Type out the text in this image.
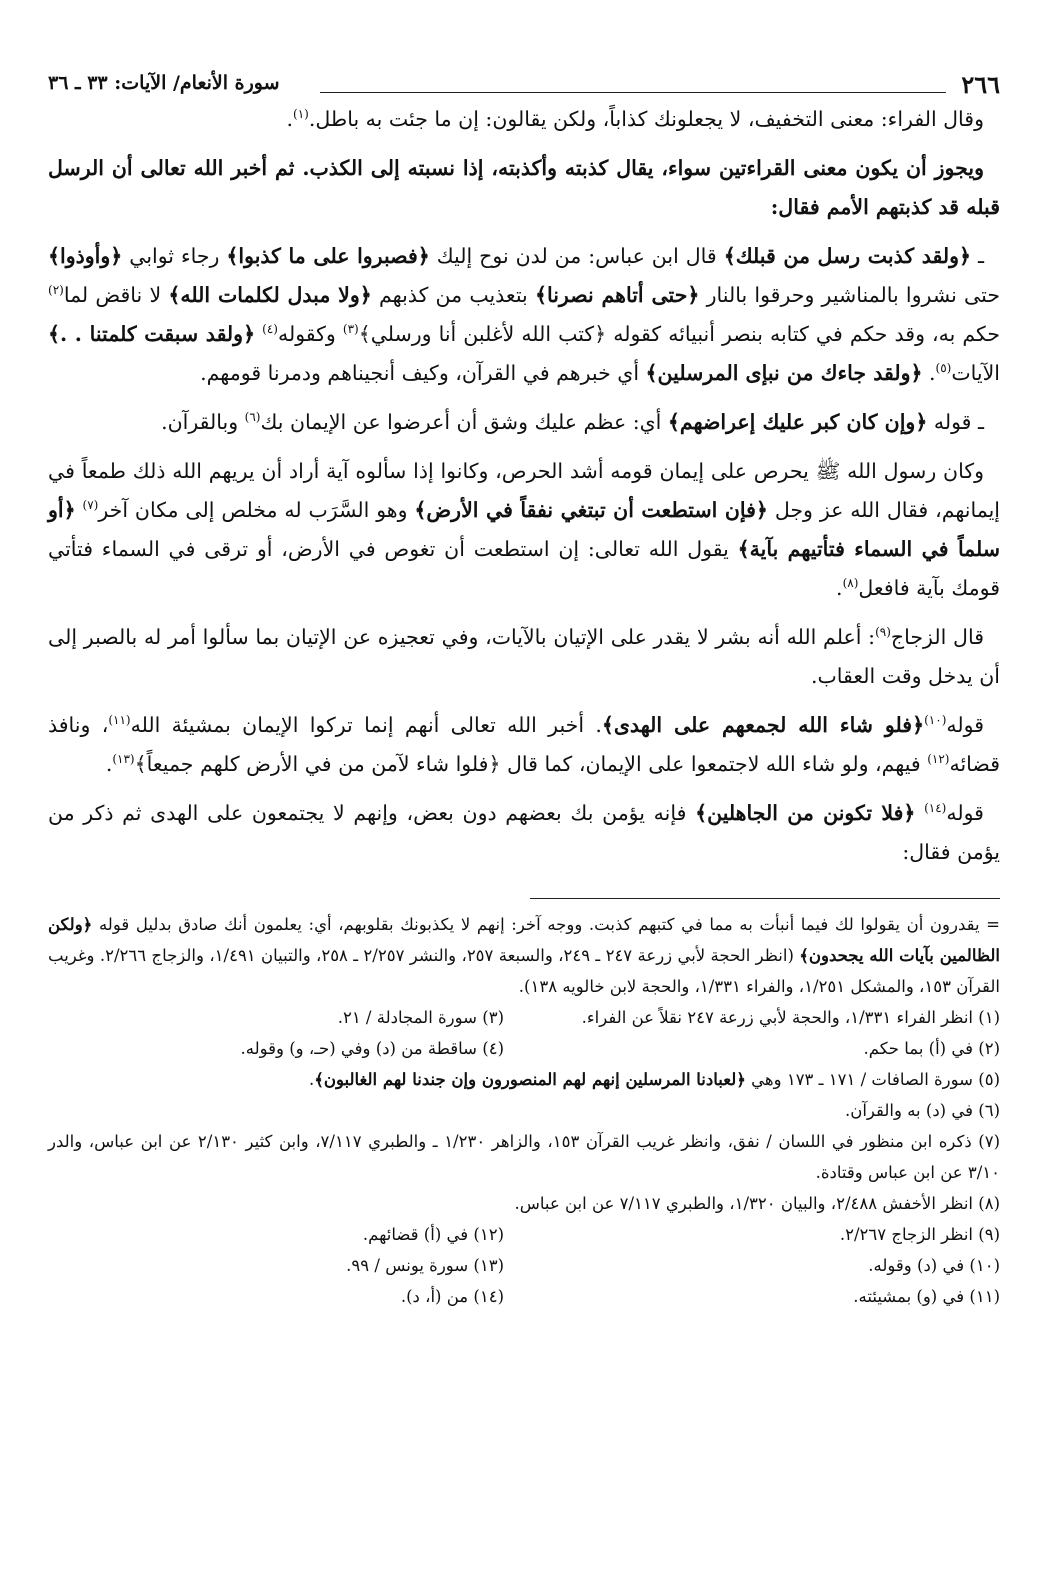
٢٦٦
سورة الأنعام/ الآيات: ٣٣ ـ ٣٦

وقال الفراء: معنى التخفيف، لا يجعلونك كذاباً، ولكن يقالون: إن ما جئت به باطل.$^{(١)}$.

ويجوز أن يكون معنى القراءتين سواء، يقال كذبته وأكذبته، إذا نسبته إلى الكذب. ثم أخبر الله تعالى أن الرسل قبله قد كذبتهم الأمم فقال:

ـ ﴿ولقد كذبت رسل من قبلك﴾ قال ابن عباس: من لدن نوح إليك ﴿فصبروا على ما كذبوا﴾ رجاء ثوابي ﴿وأوذوا﴾ حتى نشروا بالمناشير وحرقوا بالنار ﴿حتى أتاهم نصرنا﴾ بتعذيب من كذبهم ﴿ولا مبدل لكلمات الله﴾ لا ناقض لما$^{(٢)}$ حكم به، وقد حكم في كتابه بنصر أنبيائه كقوله ﴿كتب الله لأغلبن أنا ورسلي﴾$^{(٣)}$ وكقوله$^{(٤)}$ ﴿ولقد سبقت كلمتنا . .﴾ الآيات$^{(٥)}$. ﴿ولقد جاءك من نبإى المرسلين﴾ أي خبرهم في القرآن، وكيف أنجيناهم ودمرنا قومهم.

ـ قوله ﴿وإن كان كبر عليك إعراضهم﴾ أي: عظم عليك وشق أن أعرضوا عن الإيمان بك$^{(٦)}$ وبالقرآن.

وكان رسول الله ﷺ يحرص على إيمان قومه أشد الحرص، وكانوا إذا سألوه آية أراد أن يريهم الله ذلك طمعاً في إيمانهم، فقال الله عز وجل ﴿فإن استطعت أن تبتغي نفقاً في الأرض﴾ وهو السَّرَب له مخلص إلى مكان آخر$^{(٧)}$ ﴿أو سلماً في السماء فتأتيهم بآية﴾ يقول الله تعالى: إن استطعت أن تغوص في الأرض، أو ترقى في السماء فتأتي قومك بآية فافعل$^{(٨)}$.

قال الزجاج$^{(٩)}$: أعلم الله أنه بشر لا يقدر على الإتيان بالآيات، وفي تعجيزه عن الإتيان بما سألوا أمر له بالصبر إلى أن يدخل وقت العقاب.

قوله$^{(١٠)}$﴿فلو شاء الله لجمعهم على الهدى﴾. أخبر الله تعالى أنهم إنما تركوا الإيمان بمشيئة الله$^{(١١)}$، ونافذ قضائه$^{(١٢)}$ فيهم، ولو شاء الله لاجتمعوا على الإيمان، كما قال ﴿فلوا شاء لآمن من في الأرض كلهم جميعاً﴾$^{(١٣)}$.

قوله$^{(١٤)}$ ﴿فلا تكونن من الجاهلين﴾ فإنه يؤمن بك بعضهم دون بعض، وإنهم لا يجتمعون على الهدى ثم ذكر من يؤمن فقال:

= يقدرون أن يقولوا لك فيما أنبأت به مما في كتبهم كذبت. ووجه آخر: إنهم لا يكذبونك بقلوبهم، أي: يعلمون أنك صادق بدليل قوله ﴿ولكن الظالمين بآيات الله يجحدون﴾ (انظر الحجة لأبي زرعة ٢٤٧ ـ ٢٤٩، والسبعة ٢٥٧، والنشر ٢/٢٥٧ ـ ٢٥٨، والتبيان ١/٤٩١، والزجاج ٢/٢٦٦. وغريب القرآن ١٥٣، والمشكل ١/٢٥١، والفراء ١/٣٣١، والحجة لابن خالويه ١٣٨).

(١) انظر الفراء ١/٣٣١، والحجة لأبي زرعة ٢٤٧ نقلاً عن الفراء.

(٣) سورة المجادلة / ٢١.

(٢) في (أ) بما حكم.

(٤) ساقطة من (د) وفي (حـ، و) وقوله.

(٥) سورة الصافات / ١٧١ ـ ١٧٣ وهي ﴿لعبادنا المرسلين إنهم لهم المنصورون وإن جندنا لهم الغالبون﴾.

(٦) في (د) به والقرآن.

(٧) ذكره ابن منظور في اللسان / نفق، وانظر غريب القرآن ١٥٣، والزاهر ١/٢٣٠ ـ والطبري ٧/١١٧، وابن كثير ٢/١٣٠ عن ابن عباس، والدر ٣/١٠ عن ابن عباس وقتادة.

(٨) انظر الأخفش ٢/٤٨٨، والبيان ١/٣٢٠، والطبري ٧/١١٧ عن ابن عباس.

(٩) انظر الزجاج ٢/٢٦٧.

(١٢) في (أ) قضائهم.

(١٠) في (د) وقوله.

(١٣) سورة يونس / ٩٩.

(١١) في (و) بمشيئته.

(١٤) من (أ، د).
